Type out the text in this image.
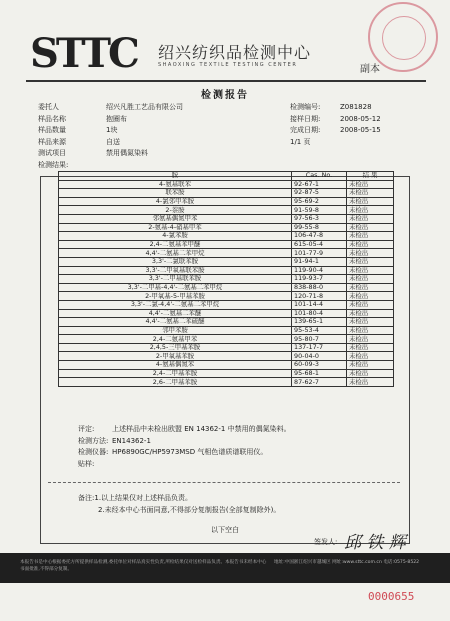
STTC 绍兴纺织品检测中心
SHAOXING TEXTILE TESTING CENTER	副本
检测报告
委托人	绍兴凡胜工艺品有限公司
样品名称	抱圈布
样品数量	1块
样品来源	自送
测试项目	禁用偶氮染料
检测结果:
检测编号:	Z081828
接样日期:	2008-05-12
完成日期:	2008-05-15
1/1 页
胺	Cas. No.	结 果
4-氨基联苯	92-67-1	未检出
联苯胺	92-87-5	未检出
4-氯邻甲苯胺	95-69-2	未检出
2-萘胺	91-59-8	未检出
邻氨基偶氮甲苯	97-56-3	未检出
2-氨基-4-硝基甲苯	99-55-8	未检出
4-氯苯胺	106-47-8	未检出
2,4-二氨基苯甲醚	615-05-4	未检出
4,4'-二氨基二苯甲烷	101-77-9	未检出
3,3'-二氯联苯胺	91-94-1	未检出
3,3'-二甲氧基联苯胺	119-90-4	未检出
3,3'-二甲基联苯胺	119-93-7	未检出
3,3'-二甲基-4,4'-二氨基二苯甲烷	838-88-0	未检出
2-甲氧基-5-甲基苯胺	120-71-8	未检出
3,3'-二氯-4,4'-二氨基二苯甲烷	101-14-4	未检出
4,4'-二氨基二苯醚	101-80-4	未检出
4,4'-二氨基二苯硫醚	139-65-1	未检出
邻甲苯胺	95-53-4	未检出
2,4-二氨基甲苯	95-80-7	未检出
2,4,5-三甲基苯胺	137-17-7	未检出
2-甲氧基苯胺	90-04-0	未检出
4-氨基偶氮苯	60-09-3	未检出
2,4-二甲基苯胺	95-68-1	未检出
2,6-二甲基苯胺	87-62-7	未检出
评定:	上述样品中未检出欧盟 EN 14362-1 中禁用的偶氮染料。
检测方法: EN14362-1
检测仪器: HP6890GC/HP5973MSD 气相色谱质谱联用仪。
贴样:
备注:1.以上结果仅对上述样品负责。
2.未经本中心书面同意,不得部分复制报告(全部复制除外)。
以下空白
签发人: 邱 铁 辉
本报告书是中心根据委托方所提供样品检测,委托单位对样品真实性负责,所检结果仅对送检样品负责。本报告书未经本中心书面批准,不得部分复制。
地址:中国浙江绍兴市越城区 网址:www.sttc.com.cn 电话:0575-8522
0000655
